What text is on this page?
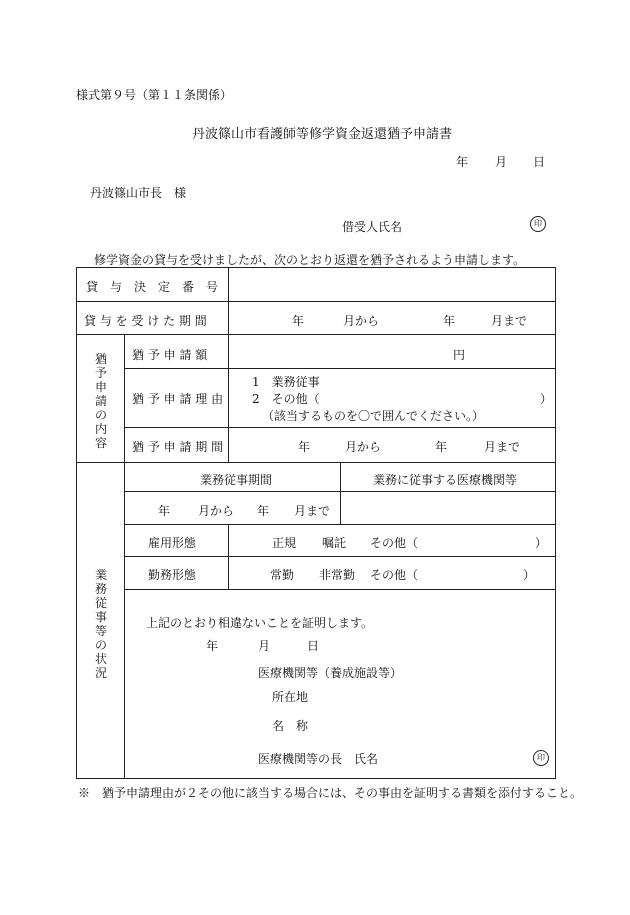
様式第９号（第１１条関係）
丹波篠山市看護師等修学資金返還猶予申請書
年 月 日
丹波篠山市長　様
借受人氏名	印
修学資金の貸与を受けましたが、次のとおり返還を猶予されるよう申請します。
貸　与　決　定　番　号
貸 与 を 受 け た 期 間	年	月から	年	月まで
猶
予
申
請
の
内
容
猶 予 申 請 額	円
猶 予 申 請 理 由
1　業務従事
2　その他（	）
（該当するものを〇で囲んでください。）
猶 予 申 請 期 間	年	月から	年	月まで
業
務
従
事
等
の
状
況
業務従事期間	業務に従事する医療機関等
年 月から 年 月まで
雇用形態	正規 嘱託 その他（	）
勤務形態	常勤 非常勤 その他（	）
上記のとおり相違ないことを証明します。
年	月	日
医療機関等（養成施設等）
所在地
名　称
医療機関等の長　氏名	印
※　猶予申請理由が２その他に該当する場合には、その事由を証明する書類を添付すること。
